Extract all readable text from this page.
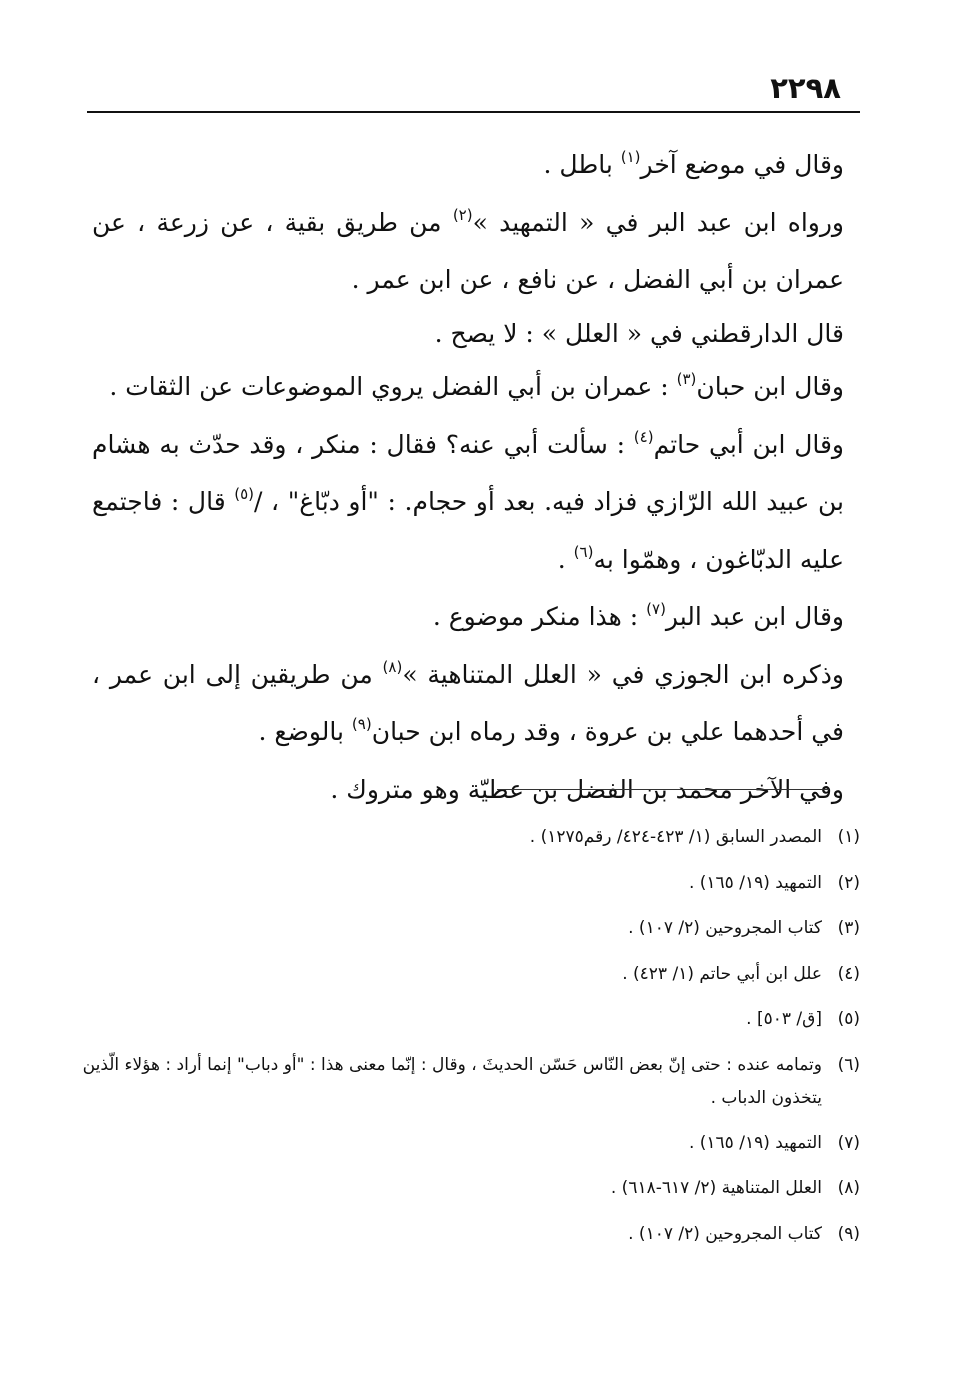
٢٢٩٨

وقال في موضع آخر$^{(١)}$ باطل .

ورواه ابن عبد البر في « التمهيد »$^{(٢)}$ من طريق بقية ، عن زرعة ، عن عمران بن أبي الفضل ، عن نافع ، عن ابن عمر .

قال الدارقطني في « العلل » : لا يصح .

وقال ابن حبان$^{(٣)}$ : عمران بن أبي الفضل يروي الموضوعات عن الثقات .

وقال ابن أبي حاتم$^{(٤)}$ : سألت أبي عنه؟ فقال : منكر ، وقد حدّث به هشام بن عبيد الله الرّازي فزاد فيه. بعد أو حجام. : "أو دبّاغ" ، /$^{(٥)}$ قال : فاجتمع عليه الدبّاغون ، وهمّوا به$^{(٦)}$ .

وقال ابن عبد البر$^{(٧)}$ : هذا منكر موضوع .

وذكره ابن الجوزي في « العلل المتناهية »$^{(٨)}$ من طريقين إلى ابن عمر ، في أحدهما علي بن عروة ، وقد رماه ابن حبان$^{(٩)}$ بالوضع .

وفي الآخر محمد بن الفضل بن عطيّة وهو متروك .

(١)
المصدر السابق (١/ ٤٢٣-٤٢٤/ رقم١٢٧٥) .
(٢)
التمهيد (١٩/ ١٦٥) .
(٣)
كتاب المجروحين (٢/ ١٠٧) .
(٤)
علل ابن أبي حاتم (١/ ٤٢٣) .
(٥)
[ق/ ٥٠٣] .
(٦)
وتمامه عنده : حتى إنّ بعض النّاس حَسّن الحديثَ ، وقال : إنّما معنى هذا : "أو دباب" إنما أراد : هؤلاء الّذين يتخذون الدباب .
(٧)
التمهيد (١٩/ ١٦٥) .
(٨)
العلل المتناهية (٢/ ٦١٧-٦١٨) .
(٩)
كتاب المجروحين (٢/ ١٠٧) .
